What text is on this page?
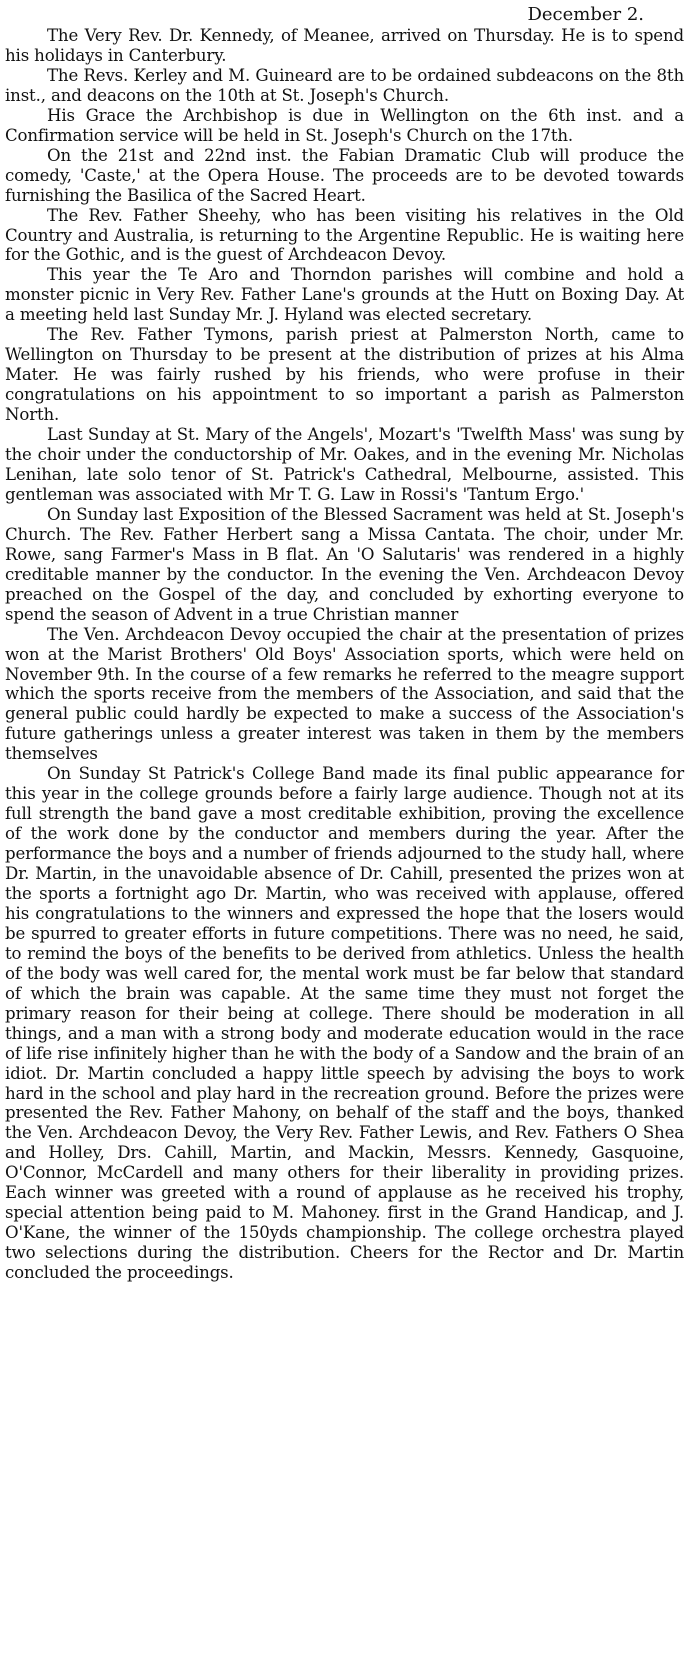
December 2.

The Very Rev. Dr. Kennedy, of Meanee, arrived on Thursday. He is to spend his holidays in Canterbury.

The Revs. Kerley and M. Guineard are to be ordained subdeacons on the 8th inst., and deacons on the 10th at St. Joseph's Church.

His Grace the Archbishop is due in Wellington on the 6th inst. and a Confirmation service will be held in St. Joseph's Church on the 17th.

On the 21st and 22nd inst. the Fabian Dramatic Club will produce the comedy, 'Caste,' at the Opera House. The proceeds are to be devoted towards furnishing the Basilica of the Sacred Heart.

The Rev. Father Sheehy, who has been visiting his relatives in the Old Country and Australia, is returning to the Argentine Republic. He is waiting here for the Gothic, and is the guest of Archdeacon Devoy.

This year the Te Aro and Thorndon parishes will combine and hold a monster picnic in Very Rev. Father Lane's grounds at the Hutt on Boxing Day. At a meeting held last Sunday Mr. J. Hyland was elected secretary.

The Rev. Father Tymons, parish priest at Palmerston North, came to Wellington on Thursday to be present at the distribution of prizes at his Alma Mater. He was fairly rushed by his friends, who were profuse in their congratulations on his appointment to so important a parish as Palmerston North.

Last Sunday at St. Mary of the Angels', Mozart's 'Twelfth Mass' was sung by the choir under the conductorship of Mr. Oakes, and in the evening Mr. Nicholas Lenihan, late solo tenor of St. Patrick's Cathedral, Melbourne, assisted. This gentleman was associated with Mr T. G. Law in Rossi's 'Tantum Ergo.'

On Sunday last Exposition of the Blessed Sacrament was held at St. Joseph's Church. The Rev. Father Herbert sang a Missa Cantata. The choir, under Mr. Rowe, sang Farmer's Mass in B flat. An 'O Salutaris' was rendered in a highly creditable manner by the conductor. In the evening the Ven. Archdeacon Devoy preached on the Gospel of the day, and concluded by exhorting everyone to spend the season of Advent in a true Christian manner

The Ven. Archdeacon Devoy occupied the chair at the presentation of prizes won at the Marist Brothers' Old Boys' Association sports, which were held on November 9th. In the course of a few remarks he referred to the meagre support which the sports receive from the members of the Association, and said that the general public could hardly be expected to make a success of the Association's future gatherings unless a greater interest was taken in them by the members themselves

On Sunday St Patrick's College Band made its final public appearance for this year in the college grounds before a fairly large audience. Though not at its full strength the band gave a most creditable exhibition, proving the excellence of the work done by the conductor and members during the year. After the performance the boys and a number of friends adjourned to the study hall, where Dr. Martin, in the unavoidable absence of Dr. Cahill, presented the prizes won at the sports a fortnight ago Dr. Martin, who was received with applause, offered his congratulations to the winners and expressed the hope that the losers would be spurred to greater efforts in future competitions. There was no need, he said, to remind the boys of the benefits to be derived from athletics. Unless the health of the body was well cared for, the mental work must be far below that standard of which the brain was capable. At the same time they must not forget the primary reason for their being at college. There should be moderation in all things, and a man with a strong body and moderate education would in the race of life rise infinitely higher than he with the body of a Sandow and the brain of an idiot. Dr. Martin concluded a happy little speech by advising the boys to work hard in the school and play hard in the recreation ground. Before the prizes were presented the Rev. Father Mahony, on behalf of the staff and the boys, thanked the Ven. Archdeacon Devoy, the Very Rev. Father Lewis, and Rev. Fathers O Shea and Holley, Drs. Cahill, Martin, and Mackin, Messrs. Kennedy, Gasquoine, O'Connor, McCardell and many others for their liberality in providing prizes. Each winner was greeted with a round of applause as he received his trophy, special attention being paid to M. Mahoney. first in the Grand Handicap, and J. O'Kane, the winner of the 150yds championship. The college orchestra played two selections during the distribution. Cheers for the Rector and Dr. Martin concluded the proceedings.
